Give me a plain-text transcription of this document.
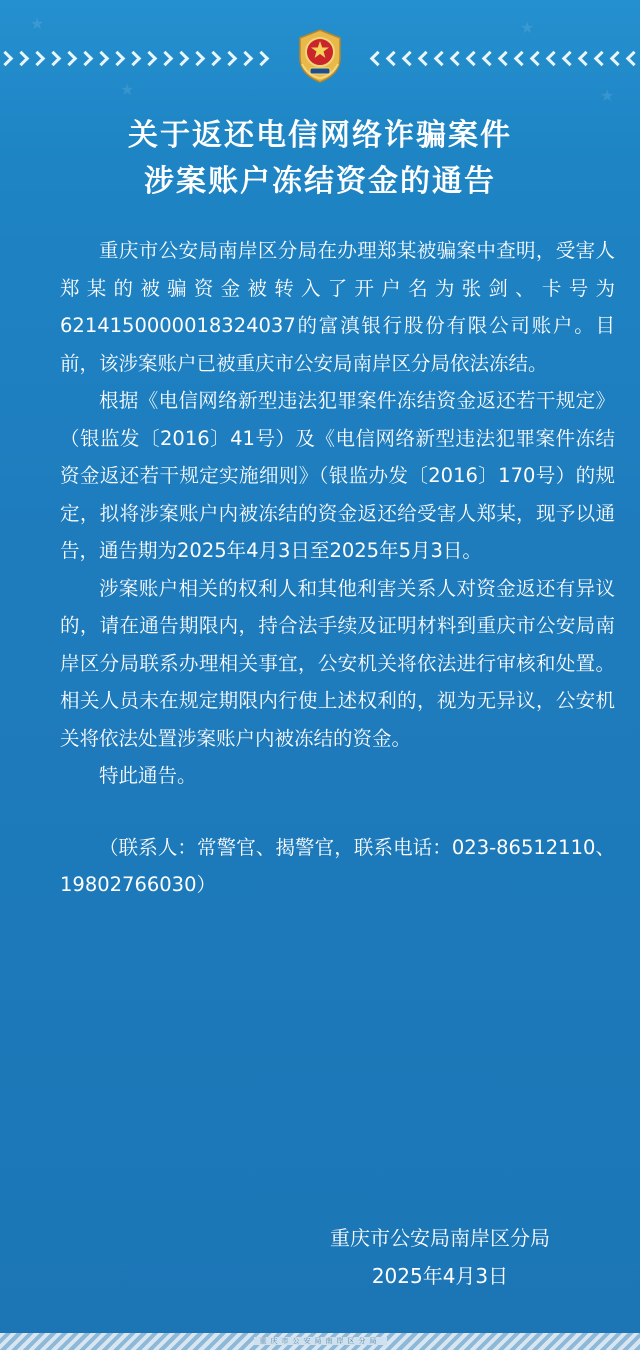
★
★
★
★
关于返还电信网络诈骗案件
涉案账户冻结资金的通告

重庆市公安局南岸区分局在办理郑某被骗案中查明，受害人郑某的被骗资金被转入了开户名为张剑、卡号为6214150000018324037的富滇银行股份有限公司账户。目前，该涉案账户已被重庆市公安局南岸区分局依法冻结。

根据《电信网络新型违法犯罪案件冻结资金返还若干规定》（银监发〔2016〕41号）及《电信网络新型违法犯罪案件冻结资金返还若干规定实施细则》（银监办发〔2016〕170号）的规定，拟将涉案账户内被冻结的资金返还给受害人郑某，现予以通告，通告期为2025年4月3日至2025年5月3日。

涉案账户相关的权利人和其他利害关系人对资金返还有异议的，请在通告期限内，持合法手续及证明材料到重庆市公安局南岸区分局联系办理相关事宜，公安机关将依法进行审核和处置。相关人员未在规定期限内行使上述权利的，视为无异议，公安机关将依法处置涉案账户内被冻结的资金。

特此通告。

（联系人：常警官、揭警官，联系电话：023-86512110、19802766030）

重庆市公安局南岸区分局
2025年4月3日
重庆市公安局南岸区分局
